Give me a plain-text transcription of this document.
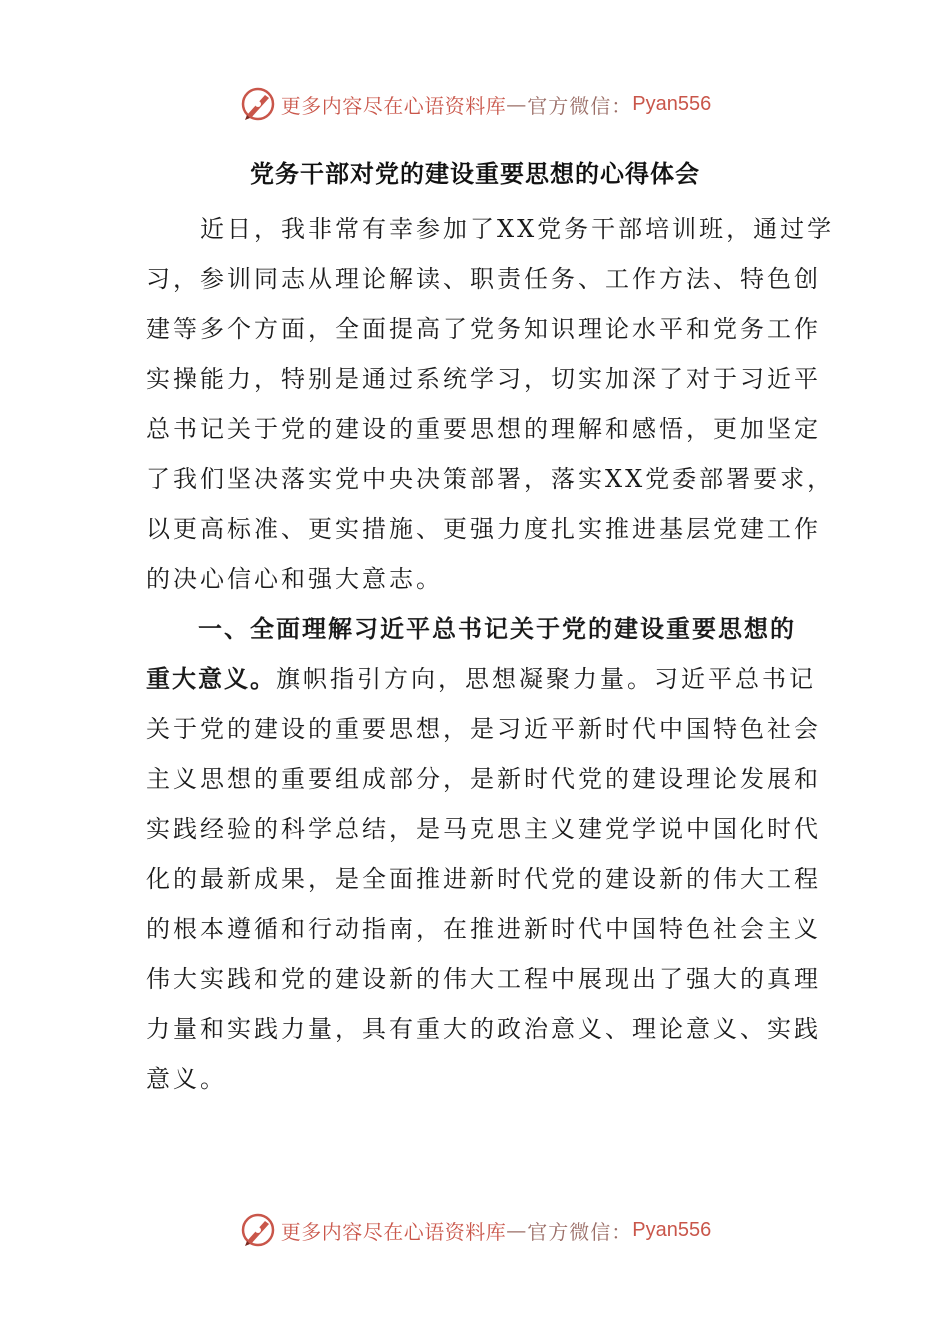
更多内容尽在心语资料库 — 官方微信： Pyan556
党务干部对党的建设重要思想的心得体会
　　近日，我非常有幸参加了XX党务干部培训班，通过学
习，参训同志从理论解读、职责任务、工作方法、特色创
建等多个方面，全面提高了党务知识理论水平和党务工作
实操能力，特别是通过系统学习，切实加深了对于习近平
总书记关于党的建设的重要思想的理解和感悟，更加坚定
了我们坚决落实党中央决策部署，落实XX党委部署要求，
以更高标准、更实措施、更强力度扎实推进基层党建工作
的决心信心和强大意志。
　　一、全面理解习近平总书记关于党的建设重要思想的
重大意义。旗帜指引方向，思想凝聚力量。习近平总书记
关于党的建设的重要思想，是习近平新时代中国特色社会
主义思想的重要组成部分，是新时代党的建设理论发展和
实践经验的科学总结，是马克思主义建党学说中国化时代
化的最新成果，是全面推进新时代党的建设新的伟大工程
的根本遵循和行动指南，在推进新时代中国特色社会主义
伟大实践和党的建设新的伟大工程中展现出了强大的真理
力量和实践力量，具有重大的政治意义、理论意义、实践
意义。
更多内容尽在心语资料库 — 官方微信： Pyan556
